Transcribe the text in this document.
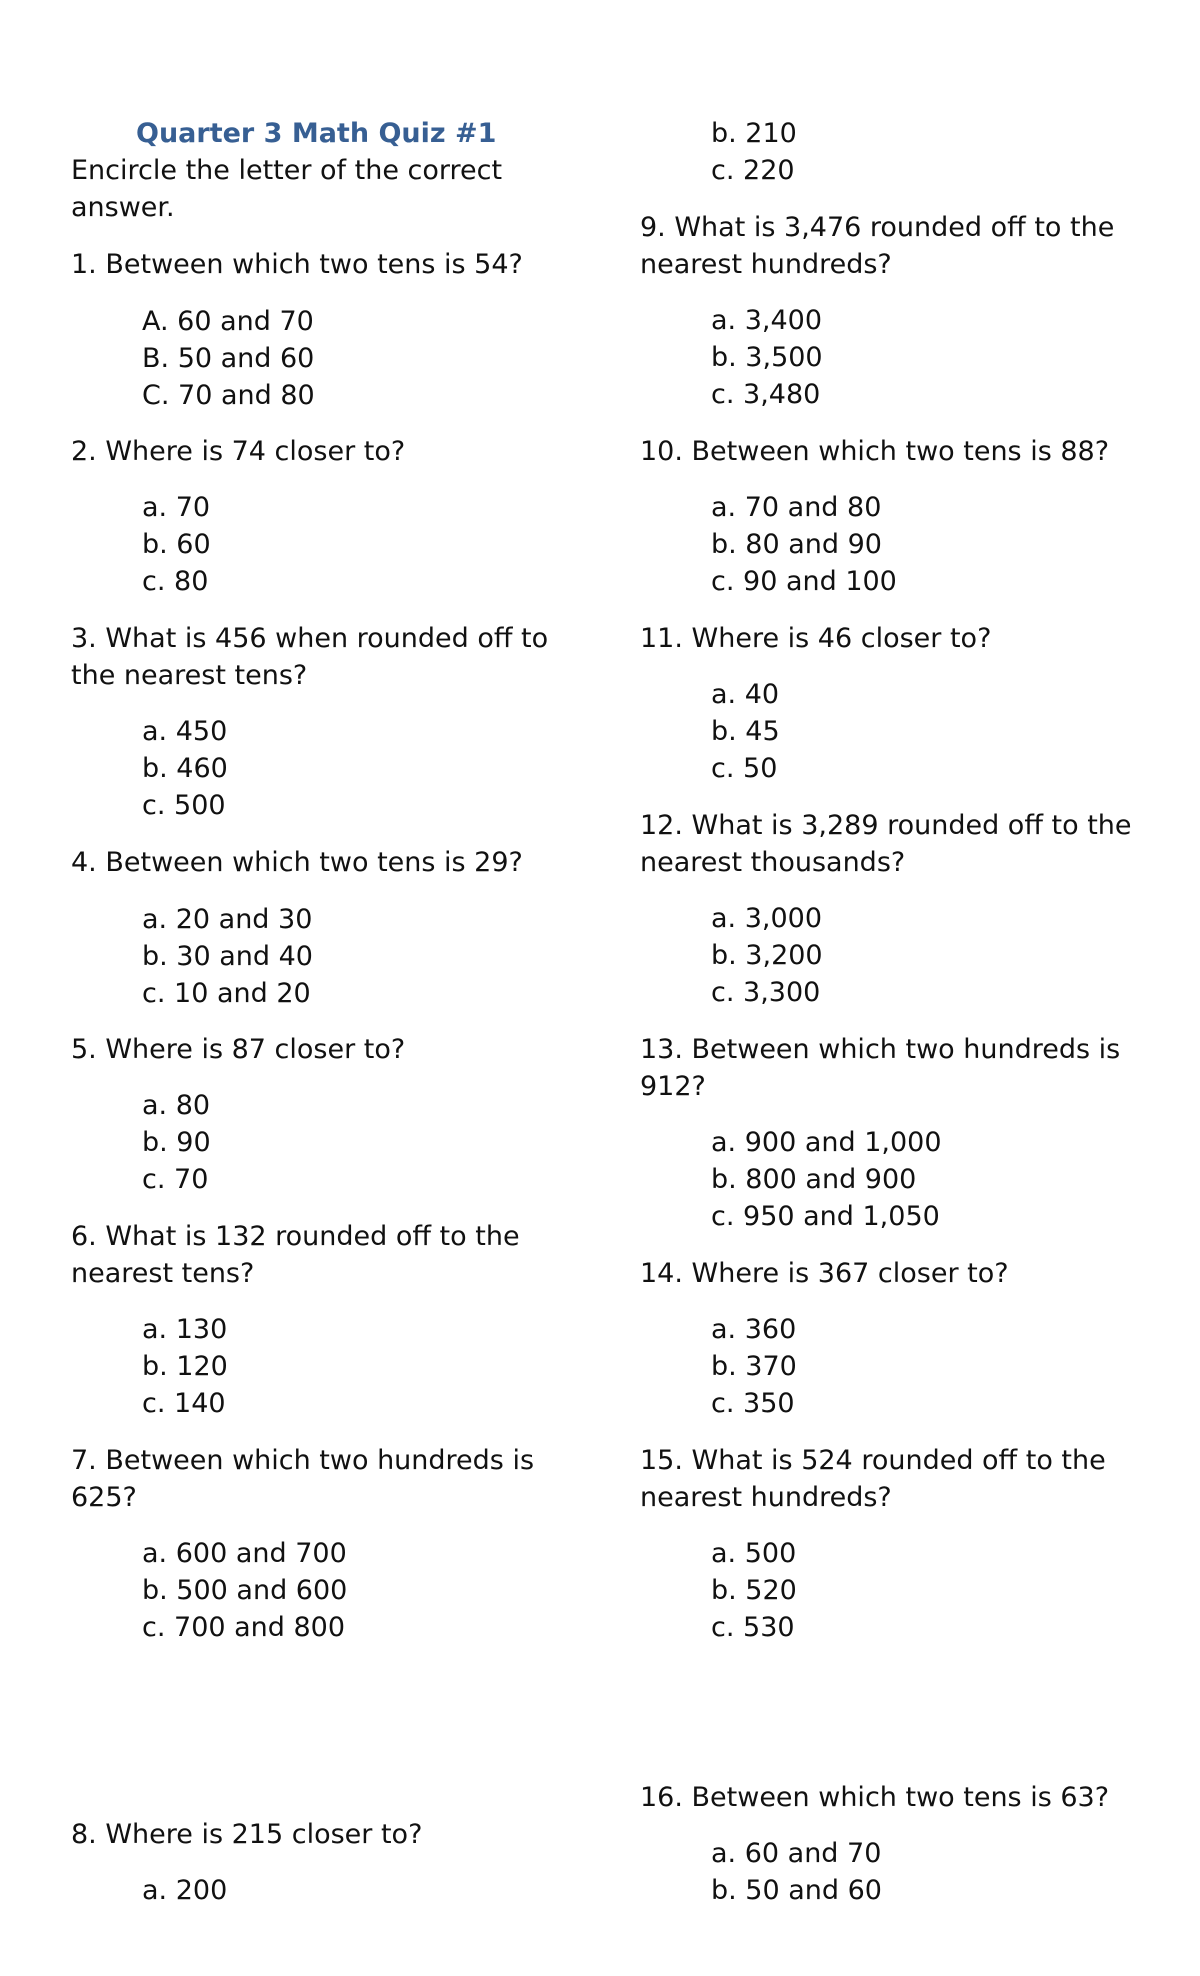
Quarter 3 Math Quiz #1

Encircle the letter of the correct answer.

1. Between which two tens is 54?

A. 60 and 70
B. 50 and 60
C. 70 and 80

2. Where is 74 closer to?

a. 70
b. 60
c. 80

3. What is 456 when rounded off to the nearest tens?

a. 450
b. 460
c. 500

4. Between which two tens is 29?

a. 20 and 30
b. 30 and 40
c. 10 and 20

5. Where is 87 closer to?

a. 80
b. 90
c. 70

6. What is 132 rounded off to the nearest tens?

a. 130
b. 120
c. 140

7. Between which two hundreds is 625?

a. 600 and 700
b. 500 and 600
c. 700 and 800

8. Where is 215 closer to?

a. 200
b. 210
c. 220

9. What is 3,476 rounded off to the nearest hundreds?

a. 3,400
b. 3,500
c. 3,480

10. Between which two tens is 88?

a. 70 and 80
b. 80 and 90
c. 90 and 100

11. Where is 46 closer to?

a. 40
b. 45
c. 50

12. What is 3,289 rounded off to the nearest thousands?

a. 3,000
b. 3,200
c. 3,300

13. Between which two hundreds is 912?

a. 900 and 1,000
b. 800 and 900
c. 950 and 1,050

14. Where is 367 closer to?

a. 360
b. 370
c. 350

15. What is 524 rounded off to the nearest hundreds?

a. 500
b. 520
c. 530

16. Between which two tens is 63?

a. 60 and 70
b. 50 and 60
